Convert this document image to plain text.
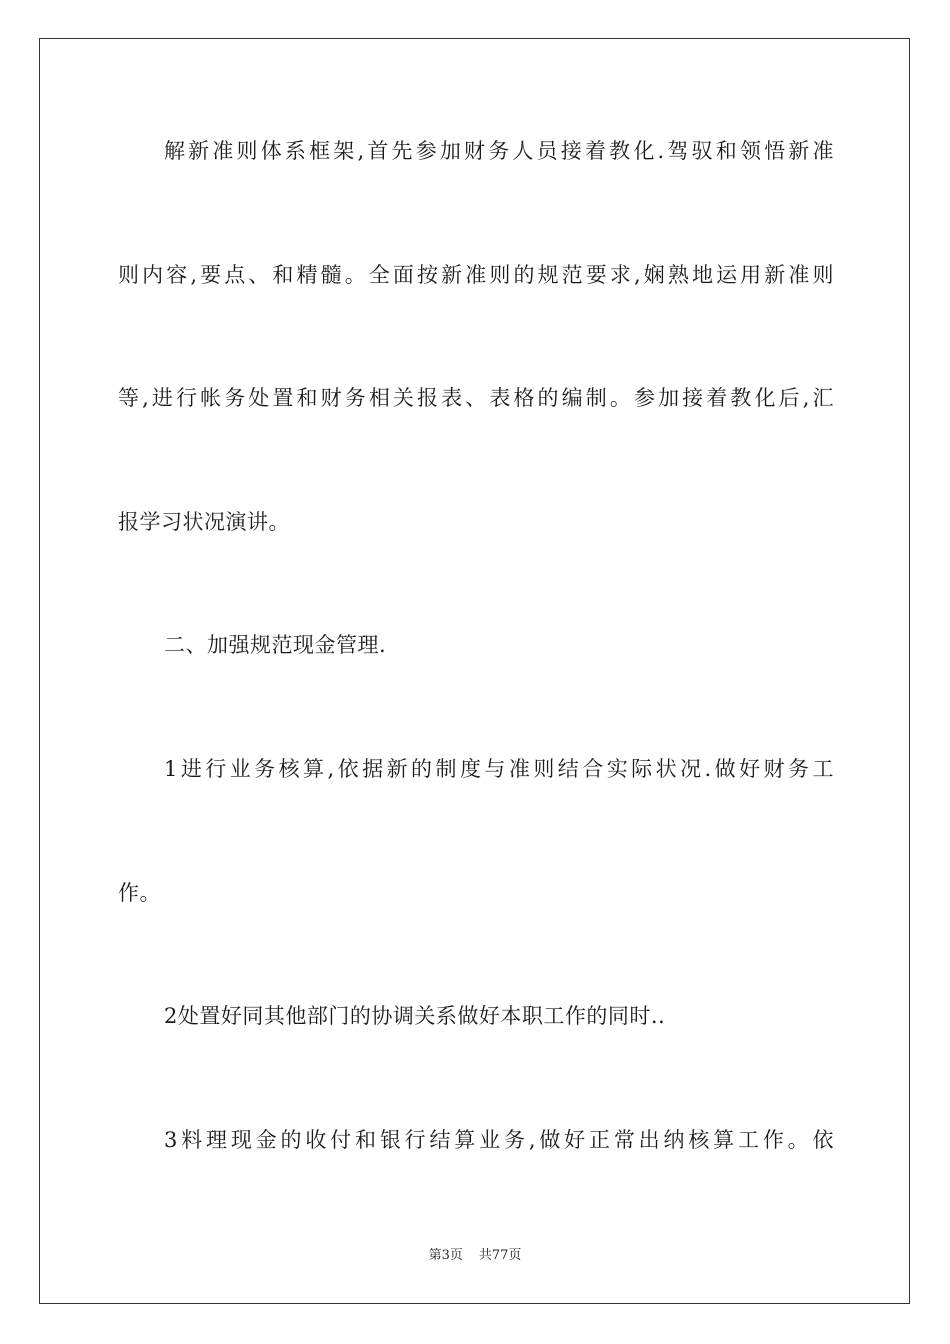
解新准则体系框架,首先参加财务人员接着教化.驾驭和领悟新准
则内容,要点、和精髓。全面按新准则的规范要求,娴熟地运用新准则
等,进行帐务处置和财务相关报表、表格的编制。参加接着教化后,汇
报学习状况演讲。
二、加强规范现金管理.
1进行业务核算,依据新的制度与准则结合实际状况.做好财务工
作。
2处置好同其他部门的协调关系做好本职工作的同时..
3料理现金的收付和银行结算业务,做好正常出纳核算工作。依
第3页 共77页
